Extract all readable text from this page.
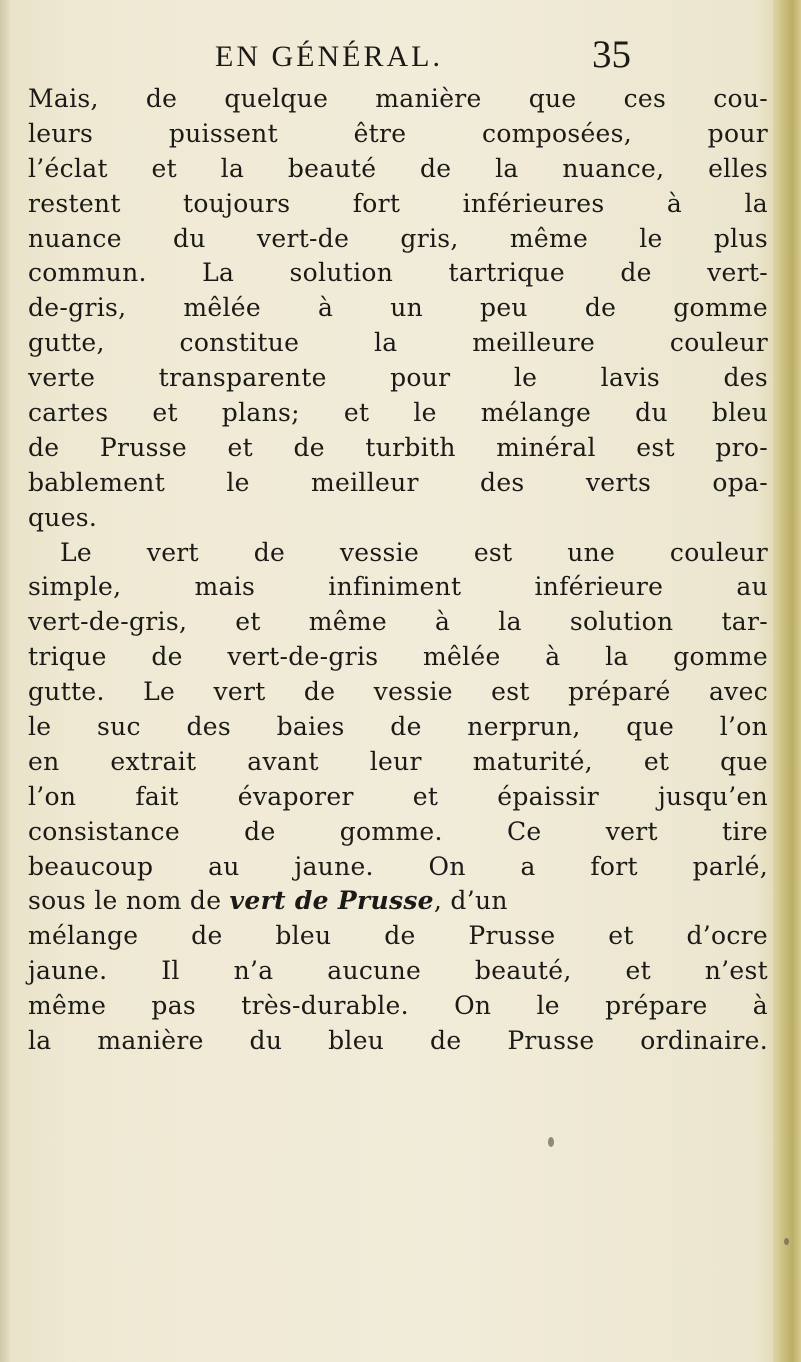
EN GÉNÉRAL.	35
Mais, de quelque manière que ces cou-
leurs puissent être composées, pour
l’éclat et la beauté de la nuance, elles
restent toujours fort inférieures à la
nuance du vert-de gris, même le plus
commun. La solution tartrique de vert-
de-gris, mêlée à un peu de gomme
gutte, constitue la meilleure couleur
verte transparente pour le lavis des
cartes et plans; et le mélange du bleu
de Prusse et de turbith minéral est pro-
bablement le meilleur des verts opa-
ques.
Le vert de vessie est une couleur
simple, mais infiniment inférieure au
vert-de-gris, et même à la solution tar-
trique de vert-de-gris mêlée à la gomme
gutte. Le vert de vessie est préparé avec
le suc des baies de nerprun, que l’on
en extrait avant leur maturité, et que
l’on fait évaporer et épaissir jusqu’en
consistance de gomme. Ce vert tire
beaucoup au jaune. On a fort parlé,
sous le nom de vert de Prusse, d’un
mélange de bleu de Prusse et d’ocre
jaune. Il n’a aucune beauté, et n’est
même pas très-durable. On le prépare à
la manière du bleu de Prusse ordinaire.
